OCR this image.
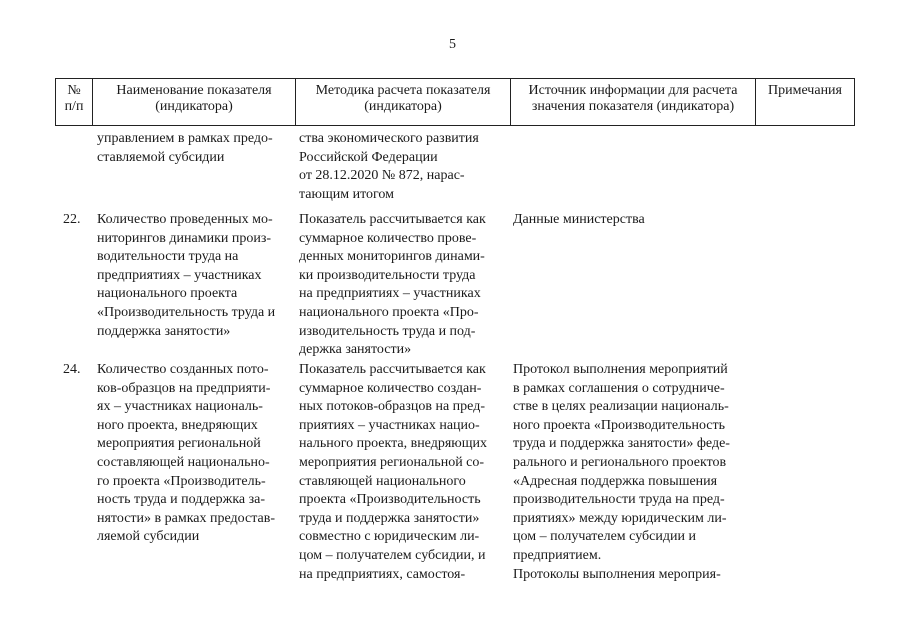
5
№
п/п
Наименование показателя
(индикатора)
Методика расчета показателя
(индикатора)
Источник информации для расчета
значения показателя (индикатора)
Примечания
управлением в рамках предо-
ставляемой субсидии
ства экономического развития
Российской Федерации
от 28.12.2020 № 872, нарас-
тающим итогом
22. Количество проведенных мо-
ниторингов динамики произ-
водительности труда на
предприятиях – участниках
национального проекта
«Производительность труда и
поддержка занятости»
Показатель рассчитывается как
суммарное количество прове-
денных мониторингов динами-
ки производительности труда
на предприятиях – участниках
национального проекта «Про-
изводительность труда и под-
держка занятости»
Данные министерства
24. Количество созданных пото-
ков-образцов на предприяти-
ях – участниках националь-
ного проекта, внедряющих
мероприятия региональной
составляющей национально-
го проекта «Производитель-
ность труда и поддержка за-
нятости» в рамках предостав-
ляемой субсидии
Показатель рассчитывается как
суммарное количество создан-
ных потоков-образцов на пред-
приятиях – участниках нацио-
нального проекта, внедряющих
мероприятия региональной со-
ставляющей национального
проекта «Производительность
труда и поддержка занятости»
совместно с юридическим ли-
цом – получателем субсидии, и
на предприятиях, самостоя-
Протокол выполнения мероприятий
в рамках соглашения о сотрудниче-
стве в целях реализации националь-
ного проекта «Производительность
труда и поддержка занятости» феде-
рального и регионального проектов
«Адресная поддержка повышения
производительности труда на пред-
приятиях» между юридическим ли-
цом – получателем субсидии и
предприятием.
Протоколы выполнения мероприя-
